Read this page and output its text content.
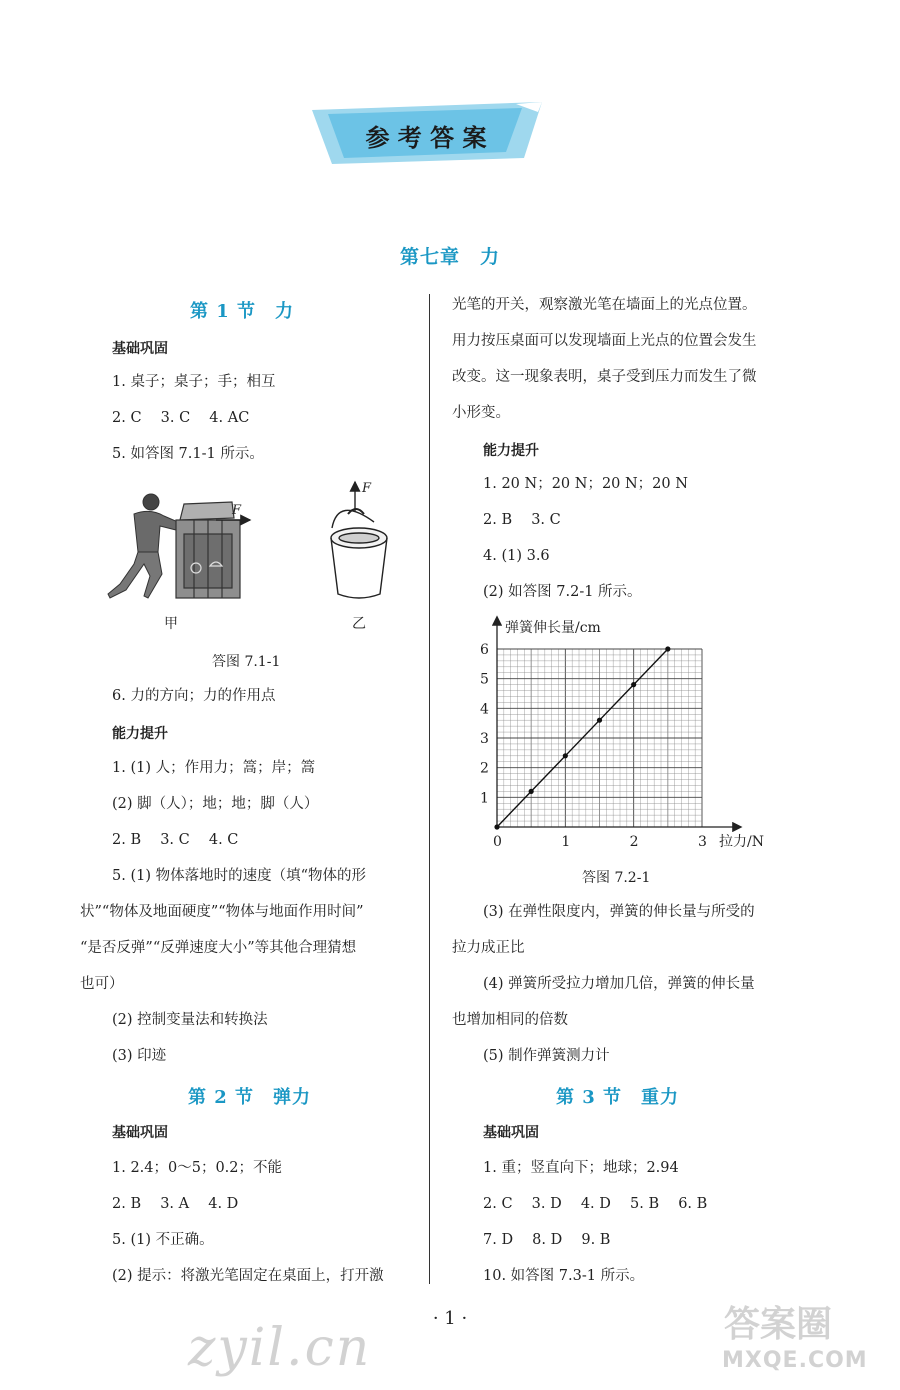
参 考 答 案
第七章　力
第 1 节　力
基础巩固
1. 桌子；桌子；手；相互
2. C　 3. C　 4. AC
5. 如答图 7.1-1 所示。
F
F
甲	乙
答图 7.1-1
6. 力的方向；力的作用点
能力提升
1. (1) 人；作用力；篙；岸；篙
(2) 脚（人）；地；地；脚（人）
2. B　 3. C　 4. C
5. (1) 物体落地时的速度（填“物体的形
状”“物体及地面硬度”“物体与地面作用时间”
“是否反弹”“反弹速度大小”等其他合理猜想
也可）
(2) 控制变量法和转换法
(3) 印迹
第 2 节　弹力
基础巩固
1. 2.4；0～5；0.2；不能
2. B　 3. A　 4. D
5. (1) 不正确。
(2) 提示：将激光笔固定在桌面上，打开激
光笔的开关，观察激光笔在墙面上的光点位置。
用力按压桌面可以发现墙面上光点的位置会发生
改变。这一现象表明，桌子受到压力而发生了微
小形变。
能力提升
1. 20 N；20 N；20 N；20 N
2. B　 3. C
4. (1) 3.6
(2) 如答图 7.2-1 所示。
0	1	2	3
1
2
3
4
5
6
弹簧伸长量/cm
拉力/N
答图 7.2-1
(3) 在弹性限度内，弹簧的伸长量与所受的
拉力成正比
(4) 弹簧所受拉力增加几倍，弹簧的伸长量
也增加相同的倍数
(5) 制作弹簧测力计
第 3 节　重力
基础巩固
1. 重；竖直向下；地球；2.94
2. C　 3. D　 4. D　 5. B　 6. B
7. D　 8. D　 9. B
10. 如答图 7.3-1 所示。
· 1 ·
zyil.cn	答案圈
MXQE.COM
